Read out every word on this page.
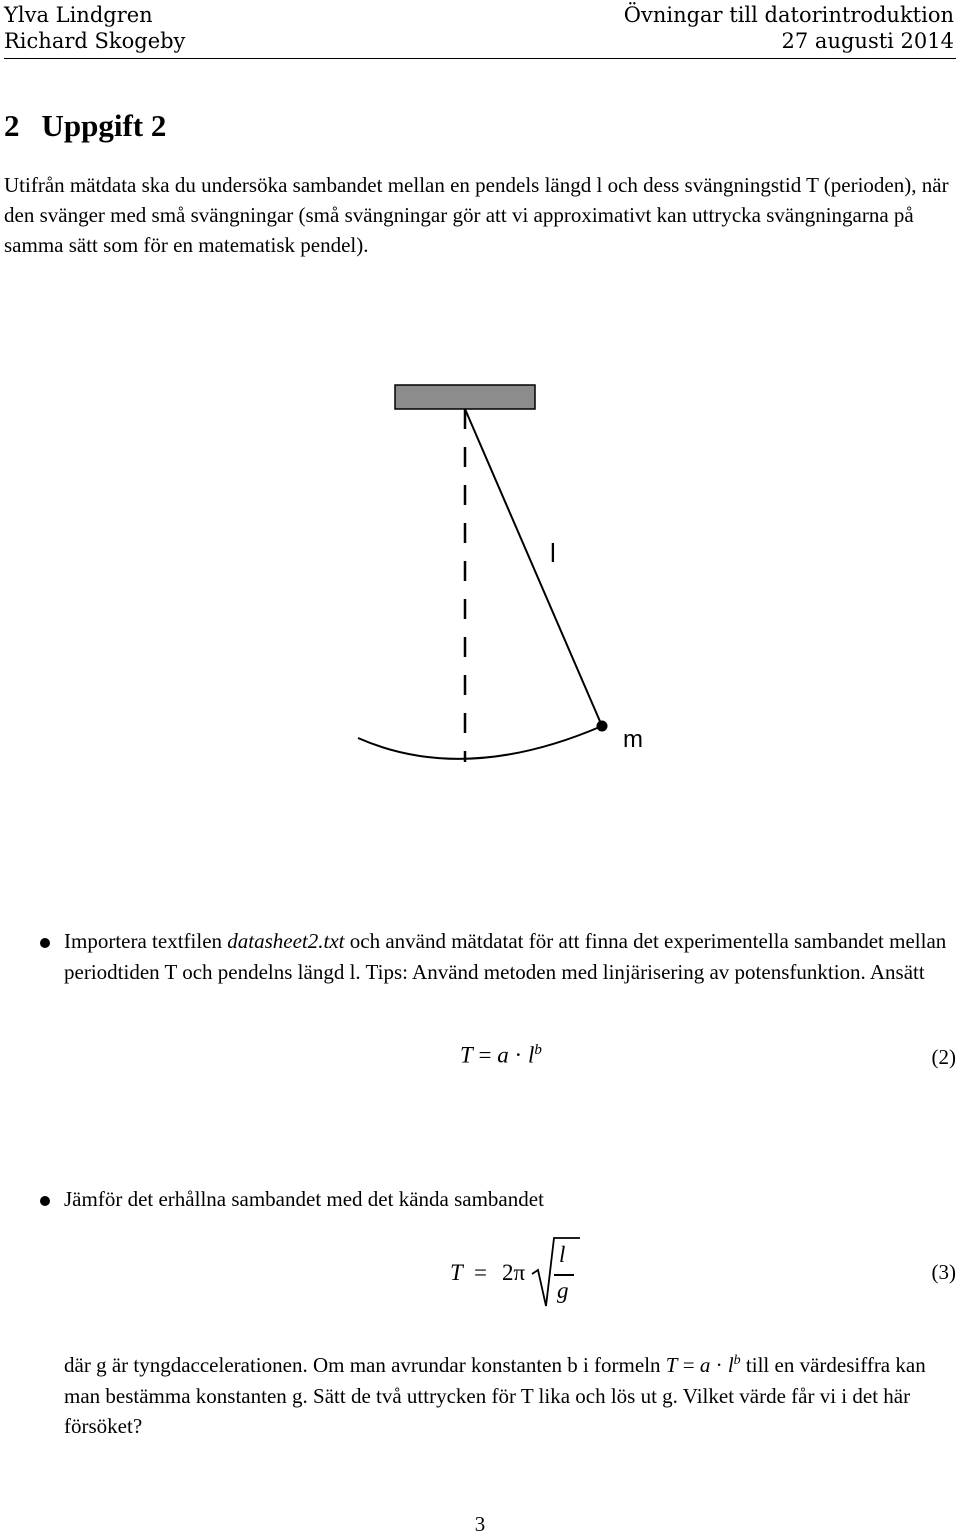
Ylva Lindgren
Richard Skogeby
Övningar till datorintroduktion
27 augusti 2014
2 Uppgift 2

Utifrån mätdata ska du undersöka sambandet mellan en pendels längd l och dess svängningstid T (perioden), när den svänger med små svängningar (små svängningar gör att vi approximativt kan uttrycka svängningarna på samma sätt som för en matematisk pendel).

l
m

Importera textfilen datasheet2.txt och använd mätdatat för att finna det experimentella sambandet mellan periodtiden T och pendelns längd l. Tips: Använd metoden med linjärisering av potensfunktion. Ansätt

$T = a \cdot l^b$	(2)

Jämför det erhållna sambandet med det kända sambandet

T = 2π
l
g
(3)

där g är tyngdaccelerationen. Om man avrundar konstanten b i formeln $T = a \cdot l^b$ till en värdesiffra kan man bestämma konstanten g. Sätt de två uttrycken för T lika och lös ut g. Vilket värde får vi i det här försöket?

3
